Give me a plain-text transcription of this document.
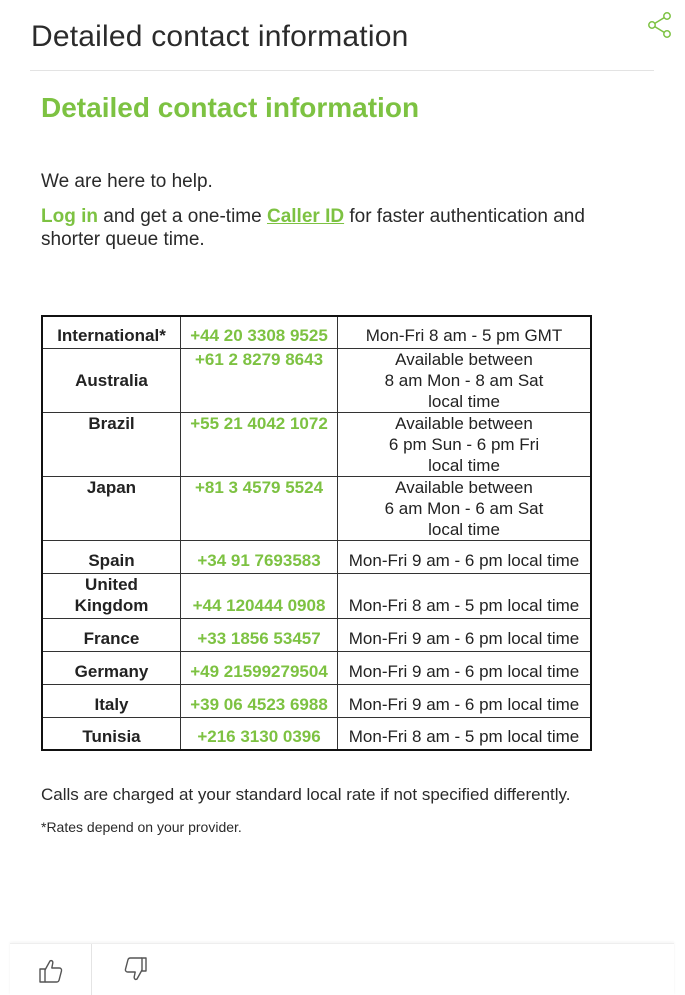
Detailed contact information
Detailed contact information
We are here to help.
Log in and get a one-time Caller ID for faster authentication and shorter queue time.
International*	+44 20 3308 9525	Mon-Fri 8 am - 5 pm GMT

Australia	+61 2 8279 8643	Available between
8 am Mon - 8 am Sat
local time

Brazil	+55 21 4042 1072	Available between
6 pm Sun - 6 pm Fri
local time

Japan	+81 3 4579 5524	Available between
6 am Mon - 6 am Sat
local time

Spain	+34 91 7693583	Mon-Fri 9 am - 6 pm local time
United Kingdom	+44 120444 0908	Mon-Fri 8 am - 5 pm local time
France	+33 1856 53457	Mon-Fri 9 am - 6 pm local time
Germany	+49 21599279504	Mon-Fri 9 am - 6 pm local time
Italy	+39 06 4523 6988	Mon-Fri 9 am - 6 pm local time
Tunisia	+216 3130 0396	Mon-Fri 8 am - 5 pm local time
Calls are charged at your standard local rate if not specified differently.
*Rates depend on your provider.
